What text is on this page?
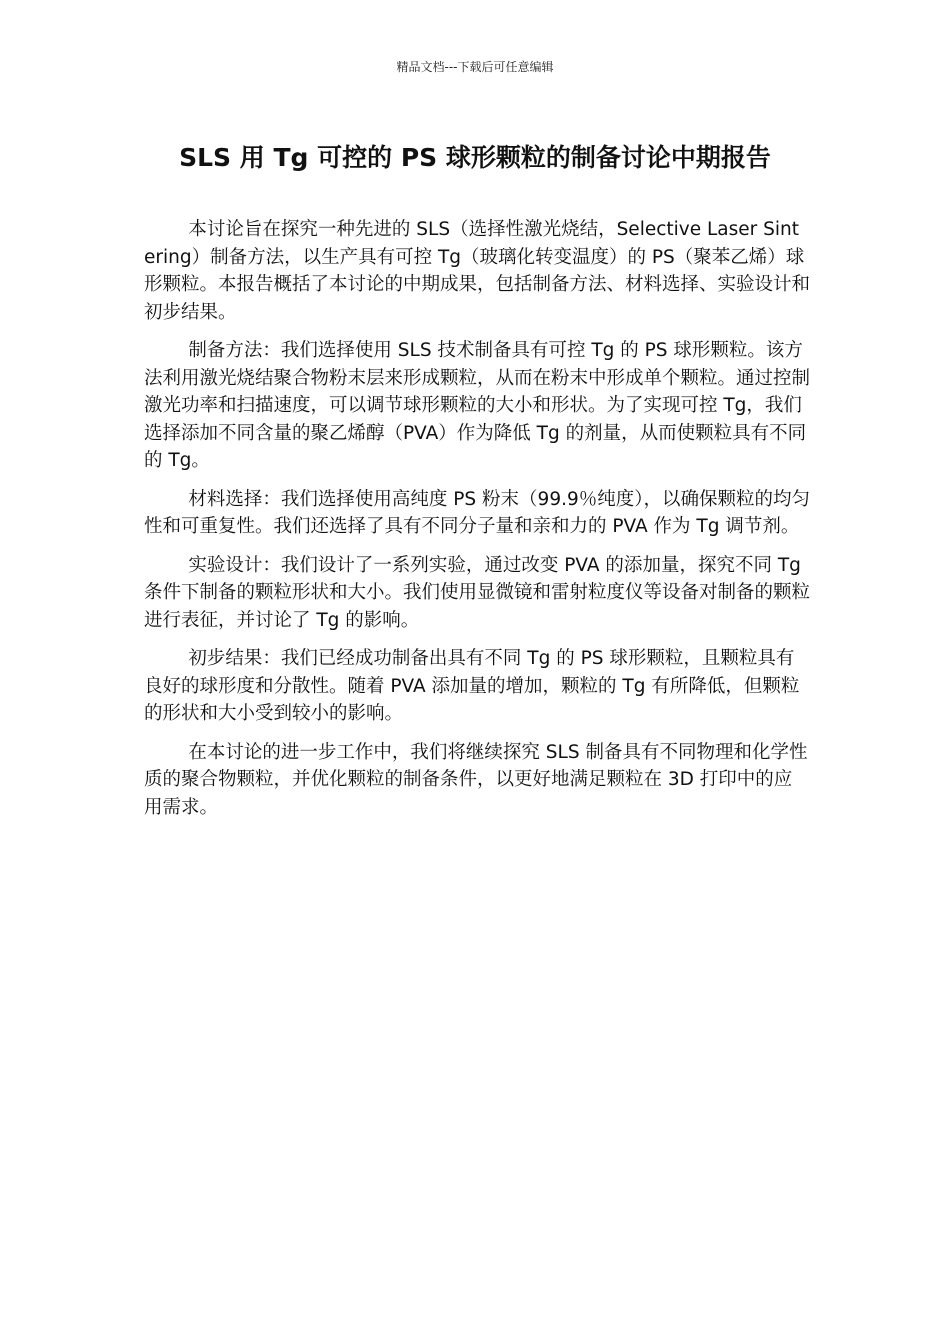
精品文档---下载后可任意编辑
SLS 用 Tg 可控的 PS 球形颗粒的制备讨论中期报告

本讨论旨在探究一种先进的 SLS（选择性激光烧结，Selective Laser Sintering）制备方法，以生产具有可控 Tg（玻璃化转变温度）的 PS（聚苯乙烯）球形颗粒。本报告概括了本讨论的中期成果，包括制备方法、材料选择、实验设计和初步结果。

制备方法：我们选择使用 SLS 技术制备具有可控 Tg 的 PS 球形颗粒。该方法利用激光烧结聚合物粉末层来形成颗粒，从而在粉末中形成单个颗粒。通过控制激光功率和扫描速度，可以调节球形颗粒的大小和形状。为了实现可控 Tg，我们选择添加不同含量的聚乙烯醇（PVA）作为降低 Tg 的剂量，从而使颗粒具有不同的 Tg。

材料选择：我们选择使用高纯度 PS 粉末（99.9％纯度），以确保颗粒的均匀性和可重复性。我们还选择了具有不同分子量和亲和力的 PVA 作为 Tg 调节剂。

实验设计：我们设计了一系列实验，通过改变 PVA 的添加量，探究不同 Tg 条件下制备的颗粒形状和大小。我们使用显微镜和雷射粒度仪等设备对制备的颗粒进行表征，并讨论了 Tg 的影响。

初步结果：我们已经成功制备出具有不同 Tg 的 PS 球形颗粒，且颗粒具有良好的球形度和分散性。随着 PVA 添加量的增加，颗粒的 Tg 有所降低，但颗粒的形状和大小受到较小的影响。

在本讨论的进一步工作中，我们将继续探究 SLS 制备具有不同物理和化学性质的聚合物颗粒，并优化颗粒的制备条件，以更好地满足颗粒在 3D 打印中的应用需求。
